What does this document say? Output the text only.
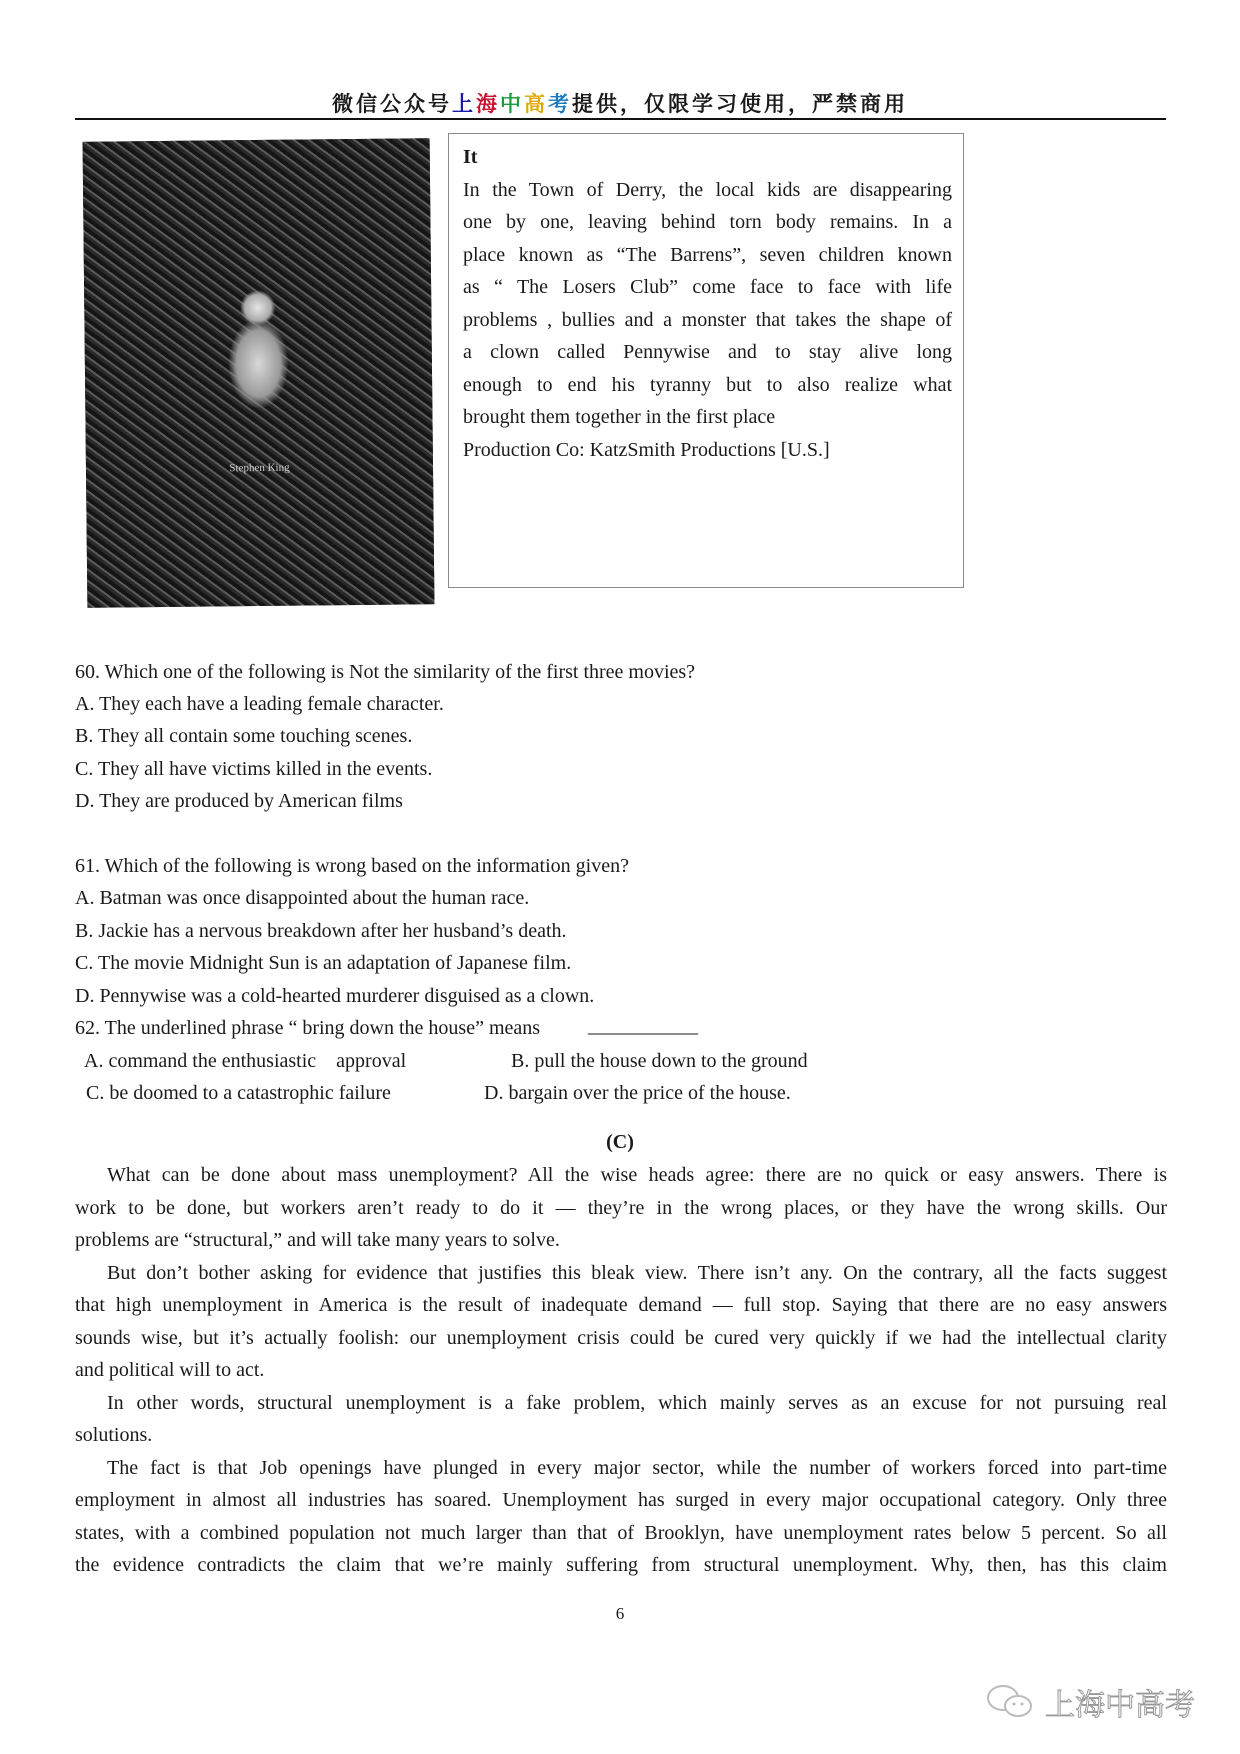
微信公众号上海中高考提供，仅限学习使用，严禁商用
Stephen King
It
6
上海中高考
In the Town of Derry, the local kids are disappearing
one by one, leaving behind torn body remains. In a
place known as “The Barrens”, seven children known
as “ The Losers Club” come face to face with life
problems , bullies and a monster that takes the shape of
a clown called Pennywise and to stay alive long
enough to end his tyranny but to also realize what
brought them together in the first place
Production Co: KatzSmith Productions [U.S.]
60. Which one of the following is Not the similarity of the first three movies?
A. They each have a leading female character.
B. They all contain some touching scenes.
C. They all have victims killed in the events.
D. They are produced by American films
61. Which of the following is wrong based on the information given?
A. Batman was once disappointed about the human race.
B. Jackie has a nervous breakdown after her husband’s death.
C. The movie Midnight Sun is an adaptation of Japanese film.
D. Pennywise was a cold-hearted murderer disguised as a clown.
62. The underlined phrase “ bring down the house” means ___________
A. command the enthusiastic    approval	B. pull the house down to the ground
C. be doomed to a catastrophic failure	D. bargain over the price of the house.
(C)
What can be done about mass unemployment? All the wise heads agree: there are no quick or easy answers. There is
work to be done, but workers aren’t ready to do it — they’re in the wrong places, or they have the wrong skills. Our
problems are “structural,” and will take many years to solve.
But don’t bother asking for evidence that justifies this bleak view. There isn’t any. On the contrary, all the facts suggest
that high unemployment in America is the result of inadequate demand — full stop. Saying that there are no easy answers
sounds wise, but it’s actually foolish: our unemployment crisis could be cured very quickly if we had the intellectual clarity
and political will to act.
In other words, structural unemployment is a fake problem, which mainly serves as an excuse for not pursuing real
solutions.
The fact is that Job openings have plunged in every major sector, while the number of workers forced into part-time
employment in almost all industries has soared. Unemployment has surged in every major occupational category. Only three
states, with a combined population not much larger than that of Brooklyn, have unemployment rates below 5 percent. So all
the evidence contradicts the claim that we’re mainly suffering from structural unemployment. Why, then, has this claim
